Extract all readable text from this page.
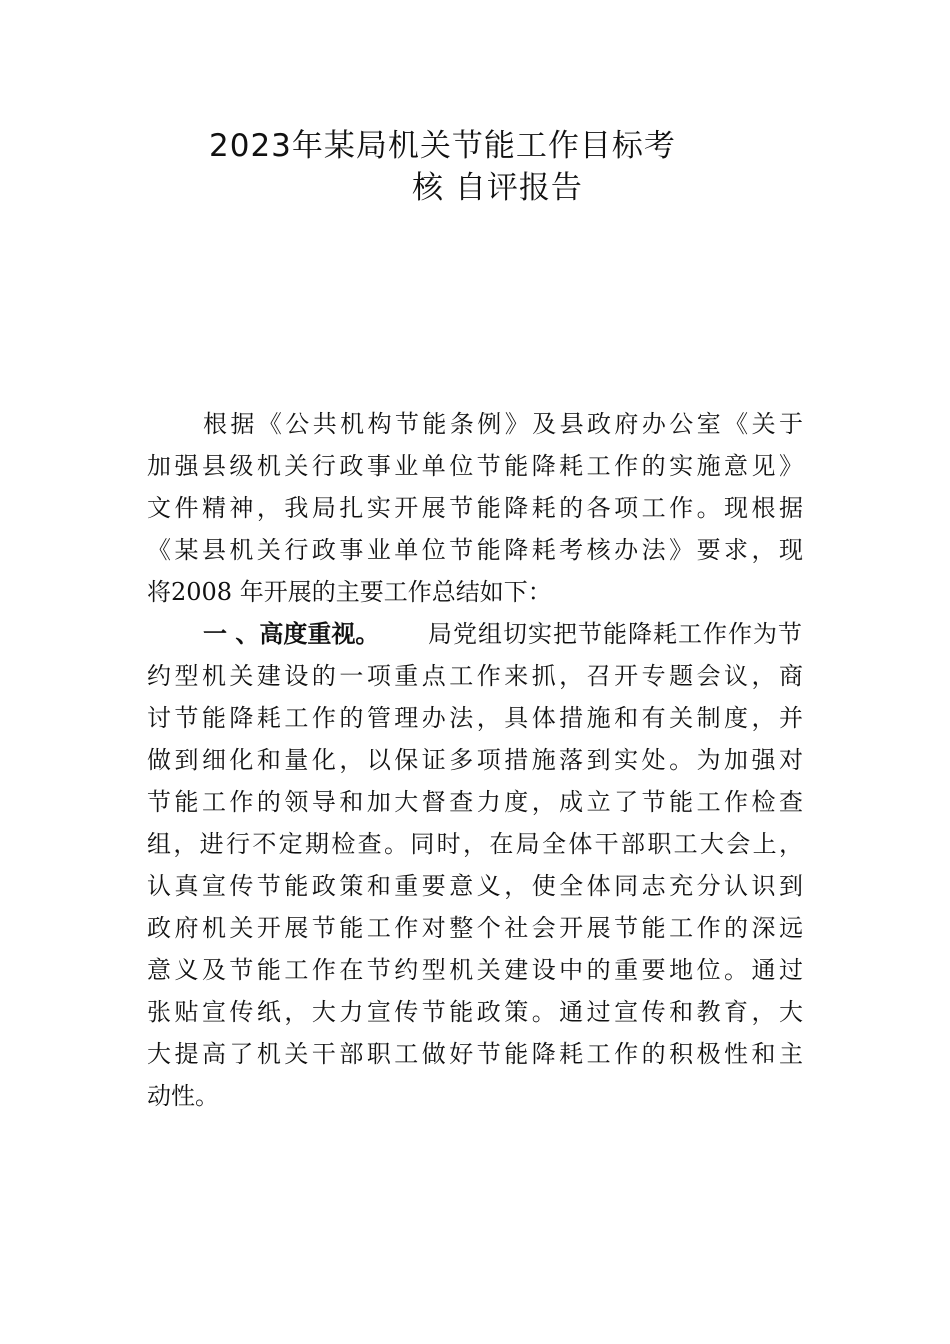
2023年某局机关节能工作目标考
核 自评报告
根据《公共机构节能条例》及县政府办公室《关于
加强县级机关行政事业单位节能降耗工作的实施意见》
文件精神，我局扎实开展节能降耗的各项工作。现根据
《某县机关行政事业单位节能降耗考核办法》要求，现
将2008 年开展的主要工作总结如下：
一 、高度重视。 局党组切实把节能降耗工作作为节
约型机关建设的一项重点工作来抓，召开专题会议，商
讨节能降耗工作的管理办法，具体措施和有关制度，并
做到细化和量化，以保证多项措施落到实处。为加强对
节能工作的领导和加大督查力度，成立了节能工作检查
组，进行不定期检查。同时，在局全体干部职工大会上，
认真宣传节能政策和重要意义，使全体同志充分认识到
政府机关开展节能工作对整个社会开展节能工作的深远
意义及节能工作在节约型机关建设中的重要地位。通过
张贴宣传纸，大力宣传节能政策。通过宣传和教育，大
大提高了机关干部职工做好节能降耗工作的积极性和主
动性。
